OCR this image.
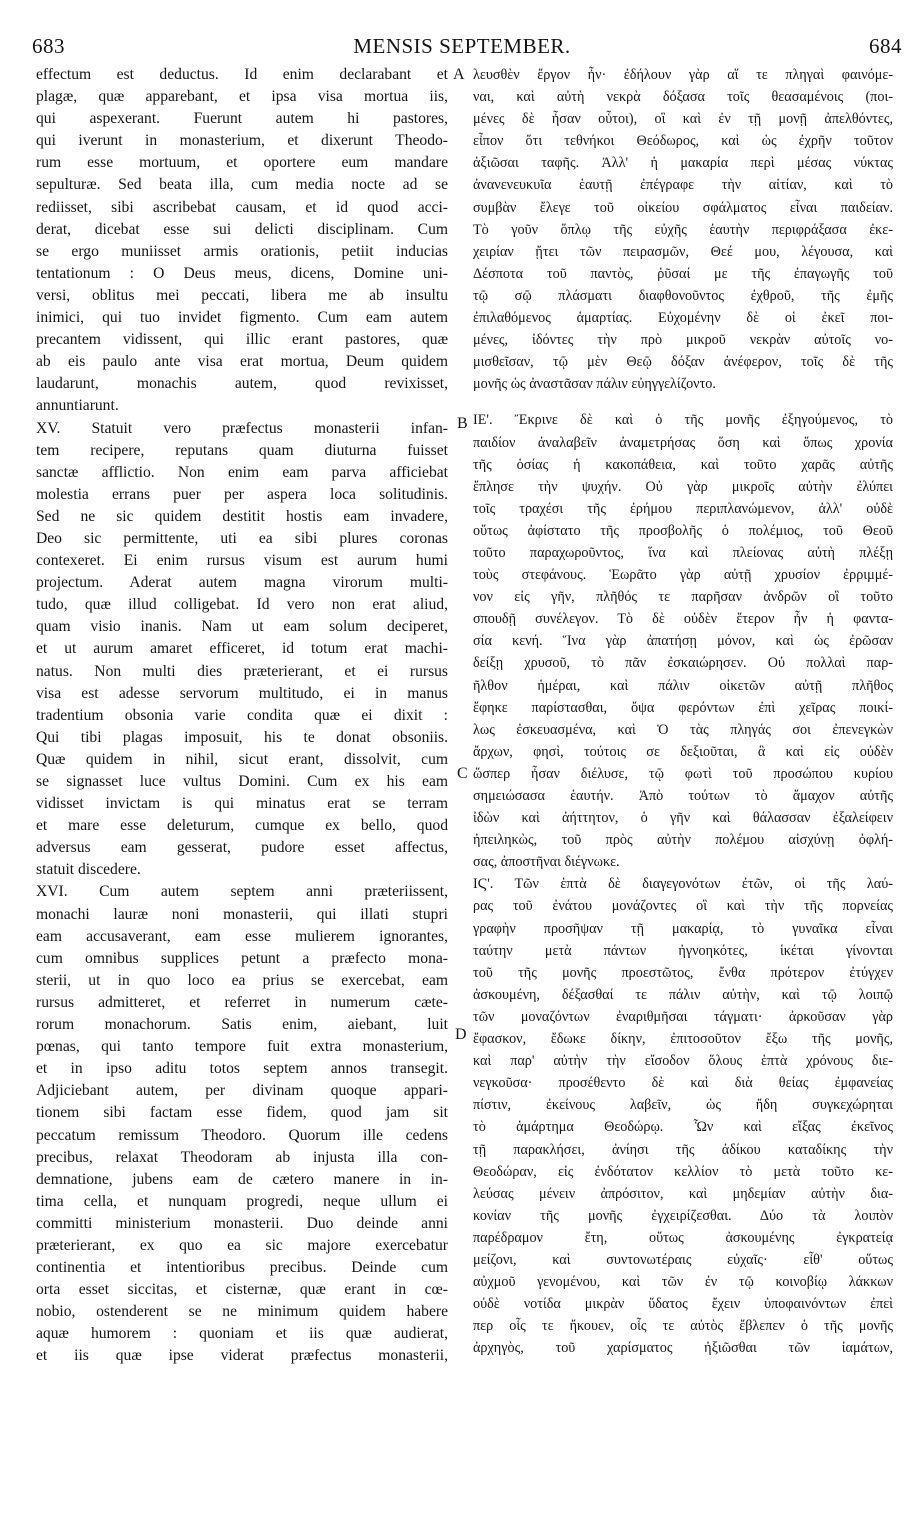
683	MENSIS SEPTEMBER.	684
A
B
C
D
effectum est deductus. Id enim declarabant et
plagæ, quæ apparebant, et ipsa visa mortua iis,
qui aspexerant. Fuerunt autem hi pastores,
qui iverunt in monasterium, et dixerunt Theodo-
rum esse mortuum, et oportere eum mandare
sepulturæ. Sed beata illa, cum media nocte ad se
rediisset, sibi ascribebat causam, et id quod acci-
derat, dicebat esse sui delicti disciplinam. Cum
se ergo muniisset armis orationis, petiit inducias
tentationum : O Deus meus, dicens, Domine uni-
versi, oblitus mei peccati, libera me ab insultu
inimici, qui tuo invidet figmento. Cum eam autem
precantem vidissent, qui illic erant pastores, quæ
ab eis paulo ante visa erat mortua, Deum quidem
laudarunt, monachis autem, quod revixisset,
annuntiarunt.
XV. Statuit vero præfectus monasterii infan-
tem recipere, reputans quam diuturna fuisset
sanctæ afflictio. Non enim eam parva afficiebat
molestia errans puer per aspera loca solitudinis.
Sed ne sic quidem destitit hostis eam invadere,
Deo sic permittente, uti ea sibi plures coronas
contexeret. Ei enim rursus visum est aurum humi
projectum. Aderat autem magna virorum multi-
tudo, quæ illud colligebat. Id vero non erat aliud,
quam visio inanis. Nam ut eam solum deciperet,
et ut aurum amaret efficeret, id totum erat machi-
natus. Non multi dies præterierant, et ei rursus
visa est adesse servorum multitudo, ei in manus
tradentium obsonia varie condita quæ ei dixit :
Qui tibi plagas imposuit, his te donat obsoniis.
Quæ quidem in nihil, sicut erant, dissolvit, cum
se signasset luce vultus Domini. Cum ex his eam
vidisset invictam is qui minatus erat se terram
et mare esse deleturum, cumque ex bello, quod
adversus eam gesserat, pudore esset affectus,
statuit discedere.
XVI. Cum autem septem anni præteriissent,
monachi lauræ noni monasterii, qui illati stupri
eam accusaverant, eam esse mulierem ignorantes,
cum omnibus supplices petunt a præfecto mona-
sterii, ut in quo loco ea prius se exercebat, eam
rursus admitteret, et referret in numerum cæte-
rorum monachorum. Satis enim, aiebant, luit
pœnas, qui tanto tempore fuit extra monasterium,
et in ipso aditu totos septem annos transegit.
Adjiciebant autem, per divinam quoque appari-
tionem sibi factam esse fidem, quod jam sit
peccatum remissum Theodoro. Quorum ille cedens
precibus, relaxat Theodoram ab injusta illa con-
demnatione, jubens eam de cætero manere in in-
tima cella, et nunquam progredi, neque ullum ei
committi ministerium monasterii. Duo deinde anni
præterierant, ex quo ea sic majore exercebatur
continentia et intentioribus precibus. Deinde cum
orta esset siccitas, et cisternæ, quæ erant in cœ-
nobio, ostenderent se ne minimum quidem habere
aquæ humorem : quoniam et iis quæ audierat,
et iis quæ ipse viderat præfectus monasterii,
λευσθὲν ἔργον ἦν· ἐδήλουν γὰρ αἵ τε πληγαὶ φαινόμε-
ναι, καὶ αὐτὴ νεκρὰ δόξασα τοῖς θεασαμένοις (ποι-
μένες δὲ ἦσαν οὗτοι), οἳ καὶ ἐν τῇ μονῇ ἀπελθόντες,
εἶπον ὅτι τεθνήκοι Θεόδωρος, καὶ ὡς ἐχρῆν τοῦτον
ἀξιῶσαι ταφῆς. Ἀλλ' ἡ μακαρία περὶ μέσας νύκτας
ἀνανενευκυῖα ἑαυτῇ ἐπέγραφε τὴν αἰτίαν, καὶ τὸ
συμβὰν ἔλεγε τοῦ οἰκείου σφάλματος εἶναι παιδείαν.
Τὸ γοῦν ὅπλῳ τῆς εὐχῆς ἑαυτὴν περιφράξασα ἐκε-
χειρίαν ᾔτει τῶν πειρασμῶν, Θεέ μου, λέγουσα, καὶ
Δέσποτα τοῦ παντὸς, ῥῦσαί με τῆς ἐπαγωγῆς τοῦ
τῷ σῷ πλάσματι διαφθονοῦντος ἐχθροῦ, τῆς ἐμῆς
ἐπιλαθόμενος ἁμαρτίας. Εὐχομένην δὲ οἱ ἐκεῖ ποι-
μένες, ἰδόντες τὴν πρὸ μικροῦ νεκρὰν αὐτοῖς νο-
μισθεῖσαν, τῷ μὲν Θεῷ δόξαν ἀνέφερον, τοῖς δὲ τῆς
μονῆς ὡς ἀναστᾶσαν πάλιν εὐηγγελίζοντο.
ΙΕ'. Ἔκρινε δὲ καὶ ὁ τῆς μονῆς ἐξηγούμενος, τὸ
παιδίον ἀναλαβεῖν ἀναμετρήσας ὅση καὶ ὅπως χρονία
τῆς ὁσίας ἡ κακοπάθεια, καὶ τοῦτο χαρᾶς αὐτῆς
ἔπλησε τὴν ψυχήν. Οὐ γὰρ μικροῖς αὐτὴν ἐλύπει
τοῖς τραχέσι τῆς ἐρήμου περιπλανώμενον, ἀλλ' οὐδὲ
οὕτως ἀφίστατο τῆς προσβολῆς ὁ πολέμιος, τοῦ Θεοῦ
τοῦτο παραχωροῦντος, ἵνα καὶ πλείονας αὐτὴ πλέξῃ
τοὺς στεφάνους. Ἑωρᾶτο γὰρ αὐτῇ χρυσίον ἐρριμμέ-
νον εἰς γῆν, πλῆθός τε παρῆσαν ἀνδρῶν οἳ τοῦτο
σπουδῇ συνέλεγον. Τὸ δὲ οὐδὲν ἕτερον ἦν ἡ φαντα-
σία κενή. Ἵνα γὰρ ἀπατήσῃ μόνον, καὶ ὡς ἐρῶσαν
δείξῃ χρυσοῦ, τὸ πᾶν ἐσκαιώρησεν. Οὐ πολλαὶ παρ-
ῆλθον ἡμέραι, καὶ πάλιν οἰκετῶν αὐτῇ πλῆθος
ἔφηκε παρίστασθαι, ὄψα φερόντων ἐπὶ χεῖρας ποικί-
λως ἐσκευασμένα, καὶ Ὁ τὰς πληγάς σοι ἐπενεγκὼν
ἄρχων, φησὶ, τούτοις σε δεξιοῦται, ἃ καὶ εἰς οὐδὲν
ὥσπερ ἦσαν διέλυσε, τῷ φωτὶ τοῦ προσώπου κυρίου
σημειώσασα ἑαυτήν. Ἀπὸ τούτων τὸ ἄμαχον αὐτῆς
ἰδὼν καὶ ἀήττητον, ὁ γῆν καὶ θάλασσαν ἐξαλείφειν
ἠπειληκὼς, τοῦ πρὸς αὐτὴν πολέμου αἰσχύνῃ ὀφλή-
σας, ἀποστῆναι διέγνωκε.
ΙϚ'. Τῶν ἑπτὰ δὲ διαγεγονότων ἐτῶν, οἱ τῆς λαύ-
ρας τοῦ ἐνάτου μονάζοντες οἳ καὶ τὴν τῆς πορνείας
γραφὴν προσῆψαν τῇ μακαρίᾳ, τὸ γυναῖκα εἶναι
ταύτην μετὰ πάντων ἠγνοηκότες, ἱκέται γίνονται
τοῦ τῆς μονῆς προεστῶτος, ἔνθα πρότερον ἐτύγχεν
ἀσκουμένη, δέξασθαί τε πάλιν αὐτὴν, καὶ τῷ λοιπῷ
τῶν μοναζόντων ἐναριθμῆσαι τάγματι· ἀρκοῦσαν γὰρ
ἔφασκον, ἔδωκε δίκην, ἐπιτοσοῦτον ἔξω τῆς μονῆς,
καὶ παρ' αὐτὴν τὴν εἴσοδον ὅλους ἑπτὰ χρόνους διε-
νεγκοῦσα· προσέθεντο δὲ καὶ διὰ θείας ἐμφανείας
πίστιν, ἐκείνους λαβεῖν, ὡς ἤδη συγκεχώρηται
τὸ ἁμάρτημα Θεοδώρῳ. Ὧν καὶ εἴξας ἐκεῖνος
τῇ παρακλήσει, ἀνίησι τῆς ἀδίκου καταδίκης τὴν
Θεοδώραν, εἰς ἐνδότατον κελλίον τὸ μετὰ τοῦτο κε-
λεύσας μένειν ἀπρόσιτον, καὶ μηδεμίαν αὐτὴν δια-
κονίαν τῆς μονῆς ἐγχειρίζεσθαι. Δύο τὰ λοιπὸν
παρέδραμον ἔτη, οὕτως ἀσκουμένης ἐγκρατείᾳ
μείζονι, καὶ συντονωτέραις εὐχαῖς· εἶθ' οὕτως
αὐχμοῦ γενομένου, καὶ τῶν ἐν τῷ κοινοβίῳ λάκκων
οὐδὲ νοτίδα μικρὰν ὕδατος ἔχειν ὑποφαινόντων ἐπεὶ
περ οἷς τε ἤκουεν, οἷς τε αὐτὸς ἔβλεπεν ὁ τῆς μονῆς
ἀρχηγὸς, τοῦ χαρίσματος ἠξιῶσθαι τῶν ἰαμάτων,
